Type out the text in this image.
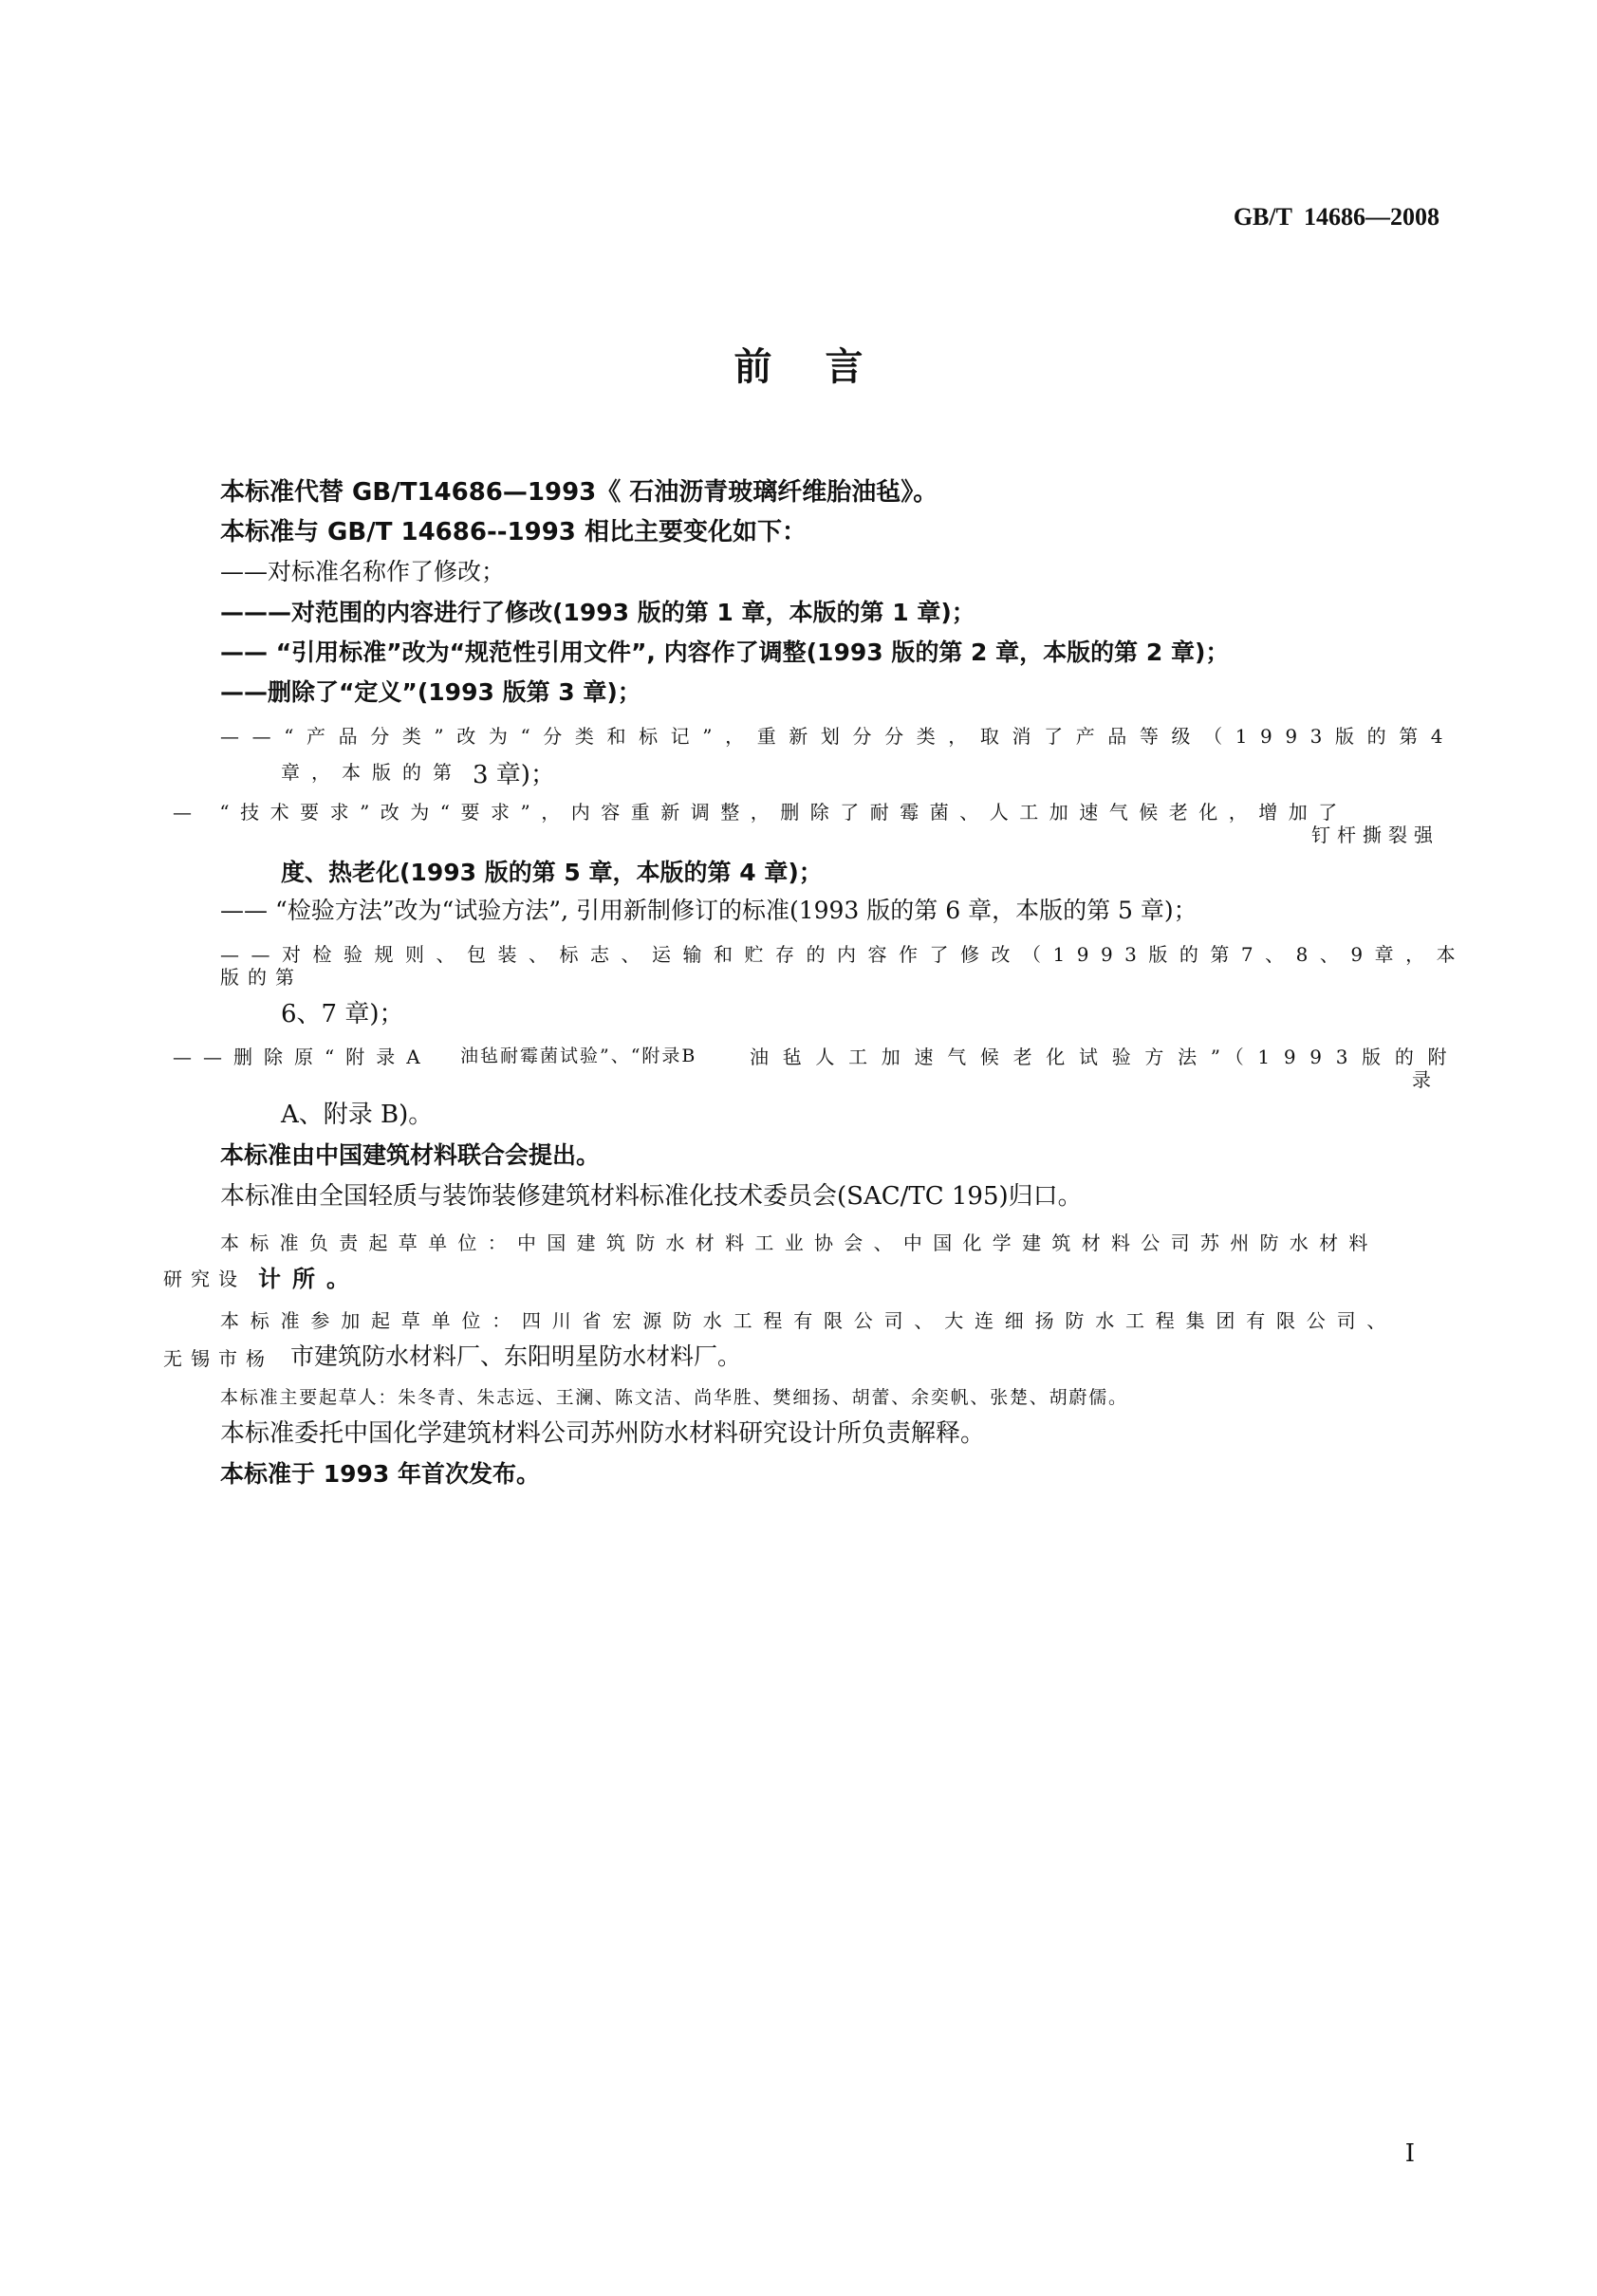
GB/T 14686—2008
前言
本标准代替 GB/T14686—1993《 石油沥青玻璃纤维胎油毡》。
本标准与 GB/T 14686--1993 相比主要变化如下：
——对标准名称作了修改；
———对范围的内容进行了修改(1993 版的第 1 章，本版的第 1 章)；
—— “引用标准”改为“规范性引用文件”, 内容作了调整(1993 版的第 2 章，本版的第 2 章)；
——删除了“定义”(1993 版第 3 章)；
——“产品分类”改为“分类和标记”，重新划分分类，取消了产品等级（1993版的第4
章，本版的第 3 章)；
— “技术要求”改为“要求”，内容重新调整，删除了耐霉菌、人工加速气候老化，增加了
钉杆撕裂强
度、热老化(1993 版的第 5 章，本版的第 4 章)；
—— “检验方法”改为“试验方法”, 引用新制修订的标准(1993 版的第 6 章，本版的第 5 章)；
——对检验规则、包装、标志、运输和贮存的内容作了修改（1993版的第7、8、9章，本
版的第
6、7 章)；
——删除原“附录A 油毡耐霉菌试验”、“附录B	油毡人工加速气候老化试验方法”（1993版的附
录
A、附录 B)。
本标准由中国建筑材料联合会提出。
本标准由全国轻质与装饰装修建筑材料标准化技术委员会(SAC/TC 195)归口。
本标准负责起草单位：中国建筑防水材料工业协会、中国化学建筑材料公司苏州防水材料
研究设 计所。
本标准参加起草单位：四川省宏源防水工程有限公司、大连细扬防水工程集团有限公司、
无锡市杨 市建筑防水材料厂、东阳明星防水材料厂。
本标准主要起草人：朱冬青、朱志远、王澜、陈文洁、尚华胜、樊细扬、胡蕾、余奕帆、张楚、胡蔚儒。
本标准委托中国化学建筑材料公司苏州防水材料研究设计所负责解释。
本标准于 1993 年首次发布。
I
